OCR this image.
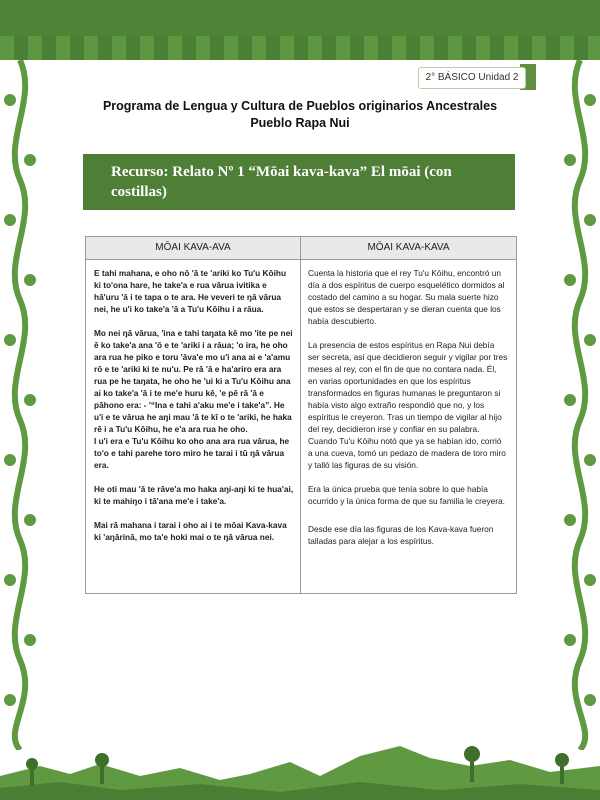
2° BÁSICO Unidad 2
Programa de Lengua y Cultura de Pueblos originarios Ancestrales
Pueblo Rapa Nui
Recurso: Relato Nº 1 “Mōai kava-kava” El mōai (con costillas)
MŌAI KAVA-AVA	MŌAI KAVA-KAVA

E tahi mahana, e oho nō 'ā te 'ariki ko Tu'u Kōihu ki to'ona hare, he take'a e rua vārua ivitika e hā'uru 'ā i te tapa o te ara. He veveri te ŋā vārua nei, he u'i ko take'a 'ā a Tu'u Kōihu i a rāua.

Mo nei ŋā vārua, 'ina e tahi taŋata kē mo 'ite pe nei ē ko take'a ana 'ō e te 'ariki i a rāua; 'o ira, he oho ara rua he piko e toru 'āva'e mo u'i ana ai e 'a'amu rō e te 'ariki ki te nu'u. Pe rā 'ā e ha'ariro era ara rua pe he taŋata, he oho he 'ui ki a Tu'u Kōihu ana ai ko take'a 'ā i te me'e huru kē, 'e pē rā 'ā e pāhono era: - '“Ina e tahi a'aku me'e i take'a”. He u'i e te vārua he aŋi mau 'ā te kī o te 'ariki, he haka rē i a Tu'u Kōihu, he e'a ara rua he oho.

I u'i era e Tu'u Kōihu ko oho ana ara rua vārua, he to'o e tahi parehe toro miro he tarai i tū ŋā vārua era.

He oti mau 'ā te rāve'a mo haka aŋi-aŋi ki te hua'ai, ki te mahiŋo i tā'ana me'e i take'a.

Mai rā mahana i tarai i oho ai i te mōai Kava-kava ki 'aŋārinā, mo ta'e hoki mai o te ŋā vārua nei.

Cuenta la historia que el rey Tu'u Kōihu, encontró un día a dos espíritus de cuerpo esquelético dormidos al costado del camino a su hogar. Su mala suerte hizo que estos se despertaran y se dieran cuenta que los había descubierto.

La presencia de estos espíritus en Rapa Nui debía ser secreta, así que decidieron seguir y vigilar por tres meses al rey, con el fin de que no contara nada. Él, en varias oportunidades en que los espíritus transformados en figuras humanas le preguntaron si había visto algo extraño respondió que no, y los espíritus le creyeron. Tras un tiempo de vigilar al hijo del rey, decidieron irse y confiar en su palabra.

Cuando Tu'u Kōihu notó que ya se habían ido, corrió a una cueva, tomó un pedazo de madera de toro miro y talló las figuras de su visión.

Era la única prueba que tenía sobre lo que había ocurrido y la única forma de que su familia le creyera.

Desde ese día las figuras de los Kava-kava fueron talladas para alejar a los espíritus.
